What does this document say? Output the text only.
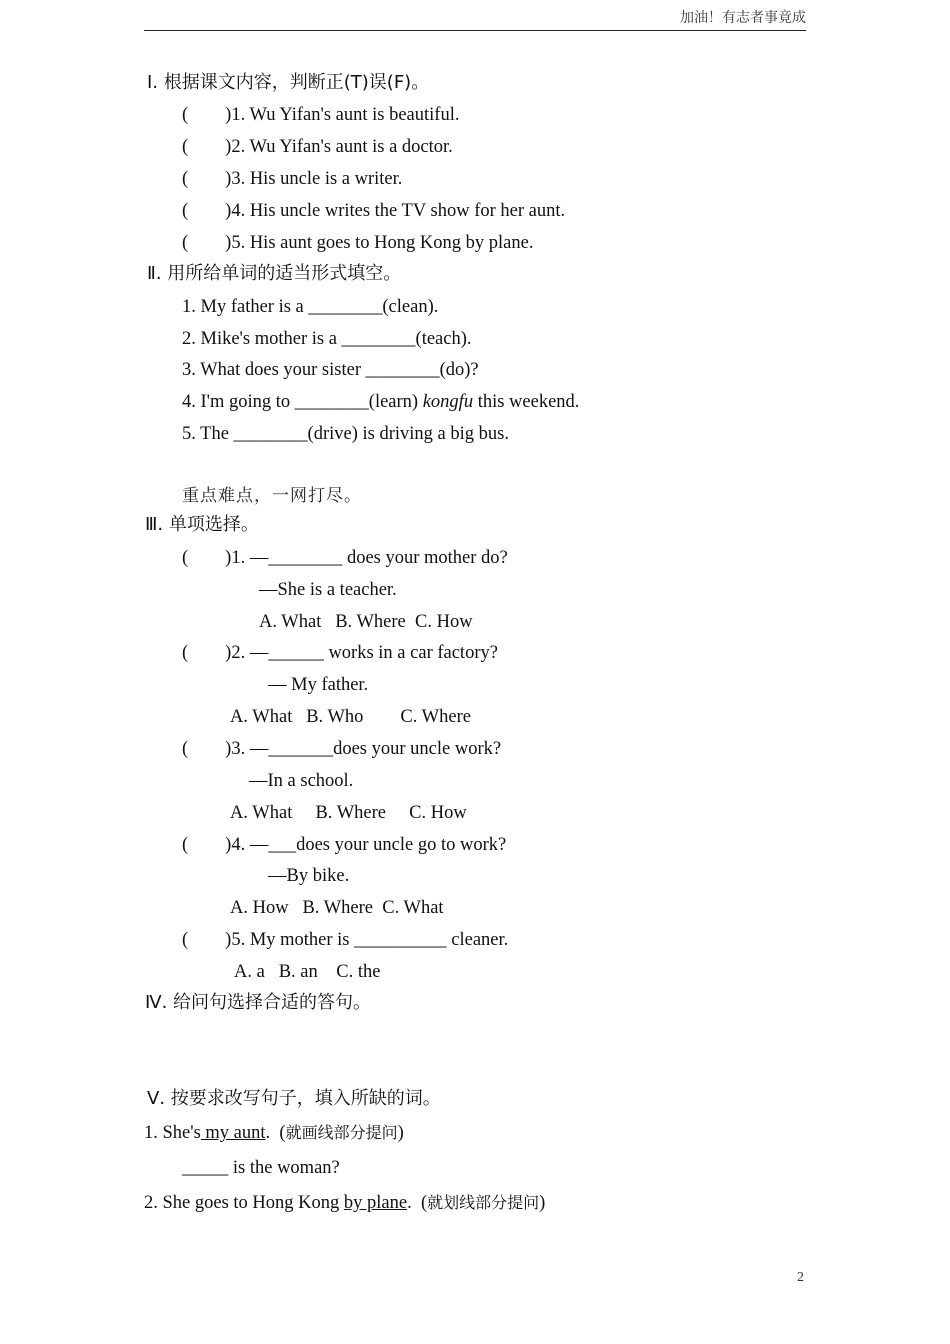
加油！有志者事竟成
Ⅰ. 根据课文内容，判断正(T)误(F)。
(        )1. Wu Yifan's aunt is beautiful.
(        )2. Wu Yifan's aunt is a doctor.
(        )3. His uncle is a writer.
(        )4. His uncle writes the TV show for her aunt.
(        )5. His aunt goes to Hong Kong by plane.
Ⅱ. 用所给单词的适当形式填空。
1. My father is a ________(clean).
2. Mike's mother is a ________(teach).
3. What does your sister ________(do)?
4. I'm going to ________(learn) kongfu this weekend.
5. The ________(drive) is driving a big bus.
重点难点，一网打尽。
Ⅲ. 单项选择。
(        )1. —________ does your mother do?
—She is a teacher.
A. What   B. Where  C. How
(        )2. —______ works in a car factory?
— My father.
A. What   B. Who        C. Where
(        )3. —_______does your uncle work?
—In a school.
A. What     B. Where     C. How
(        )4. —___does your uncle go to work?
—By bike.
A. How   B. Where  C. What
(        )5. My mother is __________ cleaner.
A. a   B. an    C. the
Ⅳ. 给问句选择合适的答句。
Ⅴ. 按要求改写句子，填入所缺的词。
1. She's my aunt.  (就画线部分提问)
_____ is the woman?
2. She goes to Hong Kong by plane.  (就划线部分提问)
2
